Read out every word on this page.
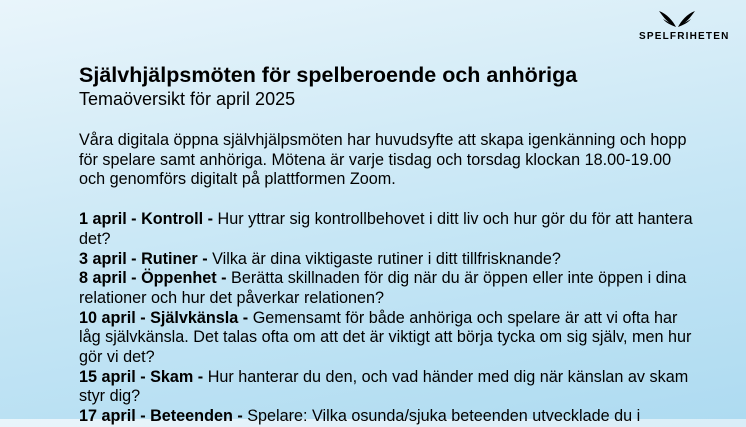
SPELFRIHETEN
Självhjälpsmöten för spelberoende och anhöriga

Temaöversikt för april 2025

Våra digitala öppna självhjälpsmöten har huvudsyfte att skapa igenkänning och hopp för spelare samt anhöriga. Mötena är varje tisdag och torsdag klockan 18.00-19.00 och genomförs digitalt på plattformen Zoom.

1 april - Kontroll - Hur yttrar sig kontrollbehovet i ditt liv och hur gör du för att hantera det?
3 april - Rutiner - Vilka är dina viktigaste rutiner i ditt tillfrisknande?
8 april - Öppenhet - Berätta skillnaden för dig när du är öppen eller inte öppen i dina relationer och hur det påverkar relationen?
10 april - Självkänsla - Gemensamt för både anhöriga och spelare är att vi ofta har låg självkänsla. Det talas ofta om att det är viktigt att börja tycka om sig själv, men hur gör vi det?
15 april - Skam - Hur hanterar du den, och vad händer med dig när känslan av skam styr dig?
17 april - Beteenden - Spelare: Vilka osunda/sjuka beteenden utvecklade du i
